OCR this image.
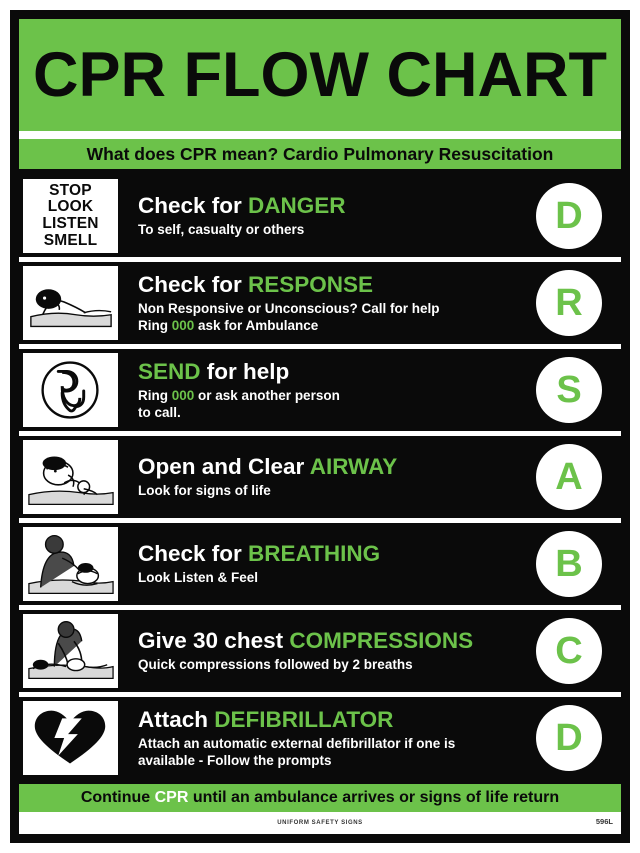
CPR FLOW CHART

What does CPR mean? Cardio Pulmonary Resuscitation

STOP
LOOK
LISTEN
SMELL
Check for DANGER
To self, casualty or others	D
Check for RESPONSE
Non Responsive or Unconscious? Call for help
Ring 000 ask for Ambulance
R
SEND for help
Ring 000 or ask another person
to call.
S
Open and Clear AIRWAY
Look for signs of life	A
Check for BREATHING
Look Listen & Feel	B
Give 30 chest COMPRESSIONS
Quick compressions followed by 2 breaths	C
Attach DEFIBRILLATOR
Attach an automatic external defibrillator if one is
available - Follow the prompts
D

Continue CPR until an ambulance arrives or signs of life return

UNIFORM SAFETY SIGNS	596L
